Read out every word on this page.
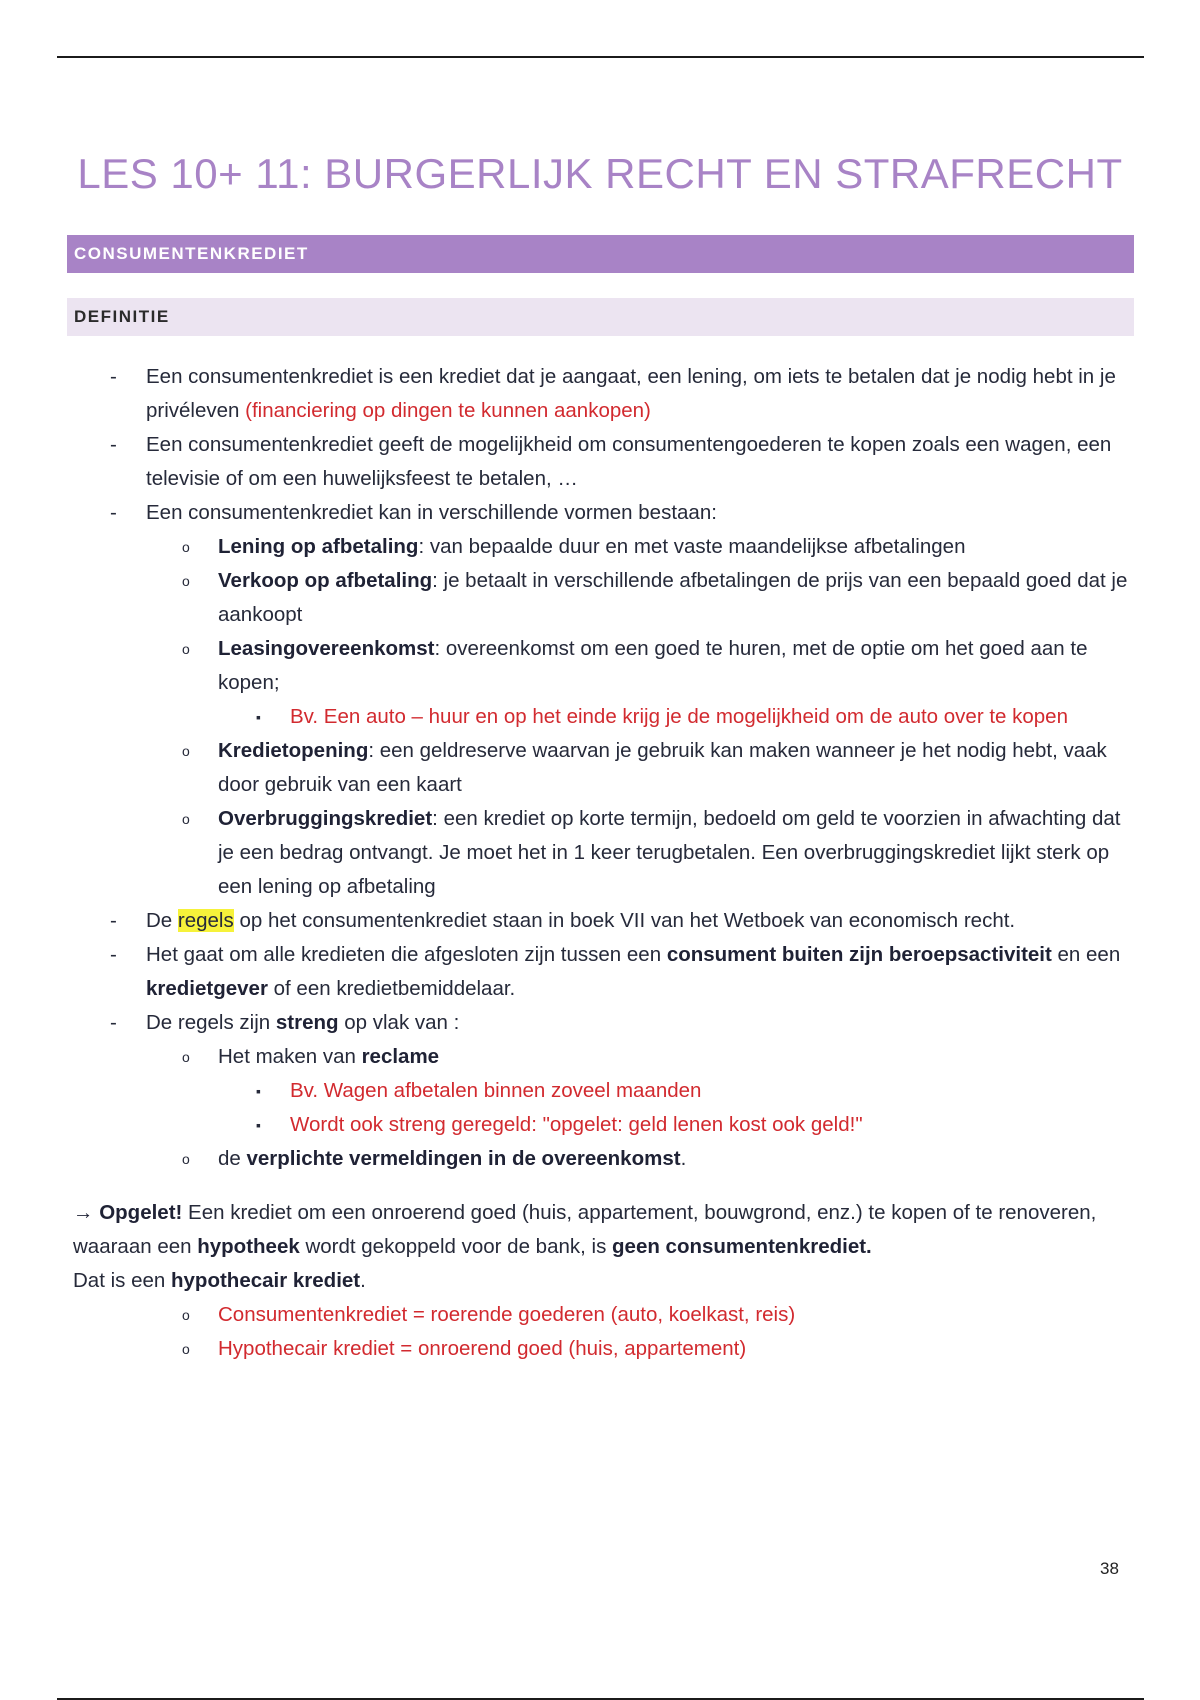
LES 10+ 11: BURGERLIJK RECHT EN STRAFRECHT
CONSUMENTENKREDIET
DEFINITIE
- Een consumentenkrediet is een krediet dat je aangaat, een lening, om iets te betalen dat je nodig hebt in je privéleven (financiering op dingen te kunnen aankopen)
- Een consumentenkrediet geeft de mogelijkheid om consumentengoederen te kopen zoals een wagen, een televisie of om een huwelijksfeest te betalen, …
- Een consumentenkrediet kan in verschillende vormen bestaan:
o Lening op afbetaling: van bepaalde duur en met vaste maandelijkse afbetalingen
o Verkoop op afbetaling: je betaalt in verschillende afbetalingen de prijs van een bepaald goed dat je aankoopt
o Leasingovereenkomst: overeenkomst om een goed te huren, met de optie om het goed aan te kopen;
▪ Bv. Een auto – huur en op het einde krijg je de mogelijkheid om de auto over te kopen
o Kredietopening: een geldreserve waarvan je gebruik kan maken wanneer je het nodig hebt, vaak door gebruik van een kaart
o Overbruggingskrediet: een krediet op korte termijn, bedoeld om geld te voorzien in afwachting dat je een bedrag ontvangt. Je moet het in 1 keer terugbetalen. Een overbruggingskrediet lijkt sterk op een lening op afbetaling
- De regels op het consumentenkrediet staan in boek VII van het Wetboek van economisch recht.
- Het gaat om alle kredieten die afgesloten zijn tussen een consument buiten zijn beroepsactiviteit en een kredietgever of een kredietbemiddelaar.
- De regels zijn streng op vlak van :
o Het maken van reclame
▪ Bv. Wagen afbetalen binnen zoveel maanden
▪ Wordt ook streng geregeld: "opgelet: geld lenen kost ook geld!"
o de verplichte vermeldingen in de overeenkomst.
→ Opgelet! Een krediet om een onroerend goed (huis, appartement, bouwgrond, enz.) te kopen of te renoveren, waaraan een hypotheek wordt gekoppeld voor de bank, is geen consumentenkrediet.
Dat is een hypothecair krediet.
o Consumentenkrediet = roerende goederen (auto, koelkast, reis)
o Hypothecair krediet = onroerend goed (huis, appartement)
38
